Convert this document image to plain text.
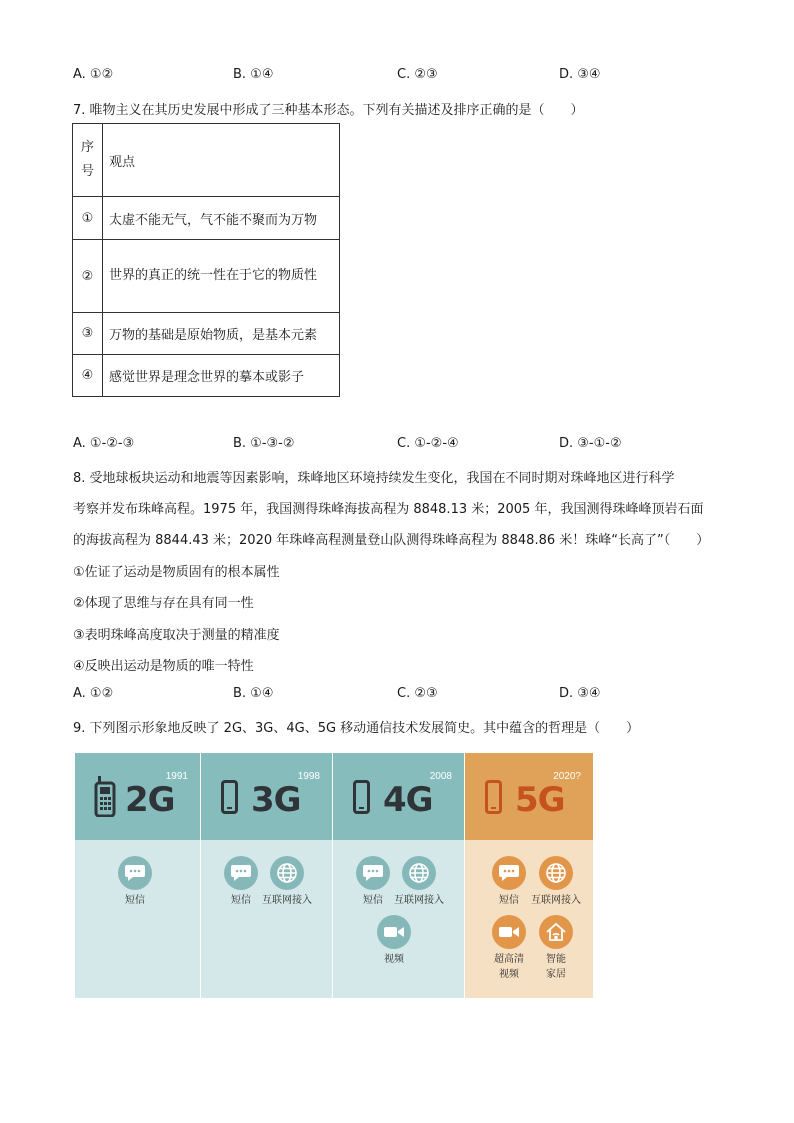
A. ①②	B. ①④	C. ②③	D. ③④
7. 唯物主义在其历史发展中形成了三种基本形态。下列有关描述及排序正确的是（　　）
序号	观点
①	太虚不能无气，气不能不聚而为万物
②	世界的真正的统一性在于它的物质性
③	万物的基础是原始物质，是基本元素
④	感觉世界是理念世界的摹本或影子
A. ①-②-③	B. ①-③-②	C. ①-②-④	D. ③-①-②
8. 受地球板块运动和地震等因素影响，珠峰地区环境持续发生变化，我国在不同时期对珠峰地区进行科学
考察并发布珠峰高程。1975 年，我国测得珠峰海拔高程为 8848.13 米；2005 年，我国测得珠峰峰顶岩石面
的海拔高程为 8844.43 米；2020 年珠峰高程测量登山队测得珠峰高程为 8848.86 米！珠峰“长高了”（　　）
①佐证了运动是物质固有的根本属性
②体现了思维与存在具有同一性
③表明珠峰高度取决于测量的精准度
④反映出运动是物质的唯一特性
A. ①②	B. ①④	C. ②③	D. ③④
9. 下列图示形象地反映了 2G、3G、4G、5G 移动通信技术发展简史。其中蕴含的哲理是（　　）
1991
2G
短信
1998
3G
短信	互联网接入
2008
4G
短信	互联网接入
视频
2020?
5G
短信	互联网接入
超高清
视频
智能
家居
